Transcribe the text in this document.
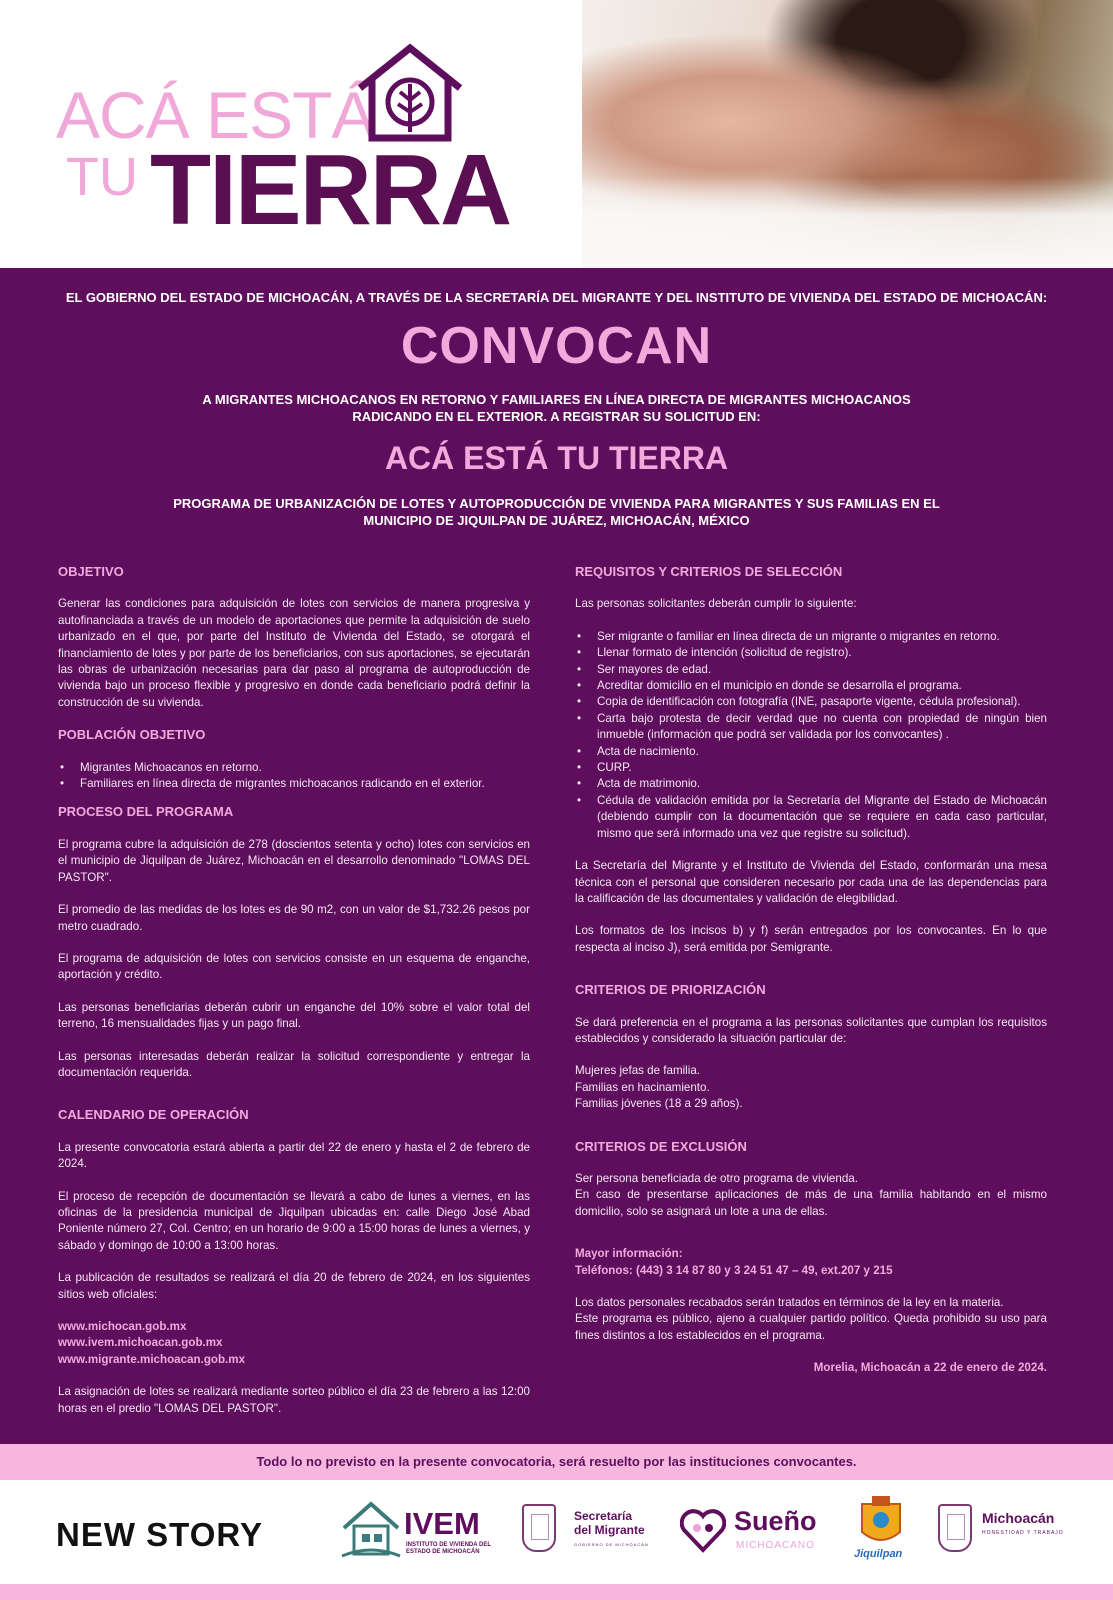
ACÁ ESTÁ
TU TIERRA
EL GOBIERNO DEL ESTADO DE MICHOACÁN, A TRAVÉS DE LA SECRETARÍA DEL MIGRANTE Y DEL INSTITUTO DE VIVIENDA DEL ESTADO DE MICHOACÁN:
CONVOCAN
A MIGRANTES MICHOACANOS EN RETORNO Y FAMILIARES EN LÍNEA DIRECTA DE MIGRANTES MICHOACANOS RADICANDO EN EL EXTERIOR. A REGISTRAR SU SOLICITUD EN:
ACÁ ESTÁ TU TIERRA
PROGRAMA DE URBANIZACIÓN DE LOTES Y AUTOPRODUCCIÓN DE VIVIENDA PARA MIGRANTES Y SUS FAMILIAS EN EL MUNICIPIO DE JIQUILPAN DE JUÁREZ, MICHOACÁN, MÉXICO
OBJETIVO
Generar las condiciones para adquisición de lotes con servicios de manera progresiva y autofinanciada a través de un modelo de aportaciones que permite la adquisición de suelo urbanizado en el que, por parte del Instituto de Vivienda del Estado, se otorgará el financiamiento de lotes y por parte de los beneficiarios, con sus aportaciones, se ejecutarán las obras de urbanización necesarias para dar paso al programa de autoproducción de vivienda bajo un proceso flexible y progresivo en donde cada beneficiario podrá definir la construcción de su vivienda.
POBLACIÓN OBJETIVO
• Migrantes Michoacanos en retorno.
• Familiares en línea directa de migrantes michoacanos radicando en el exterior.
PROCESO DEL PROGRAMA
El programa cubre la adquisición de 278 (doscientos setenta y ocho) lotes con servicios en el municipio de Jiquilpan de Juárez, Michoacán en el desarrollo denominado "LOMAS DEL PASTOR".
El promedio de las medidas de los lotes es de 90 m2, con un valor de $1,732.26 pesos por metro cuadrado.
El programa de adquisición de lotes con servicios consiste en un esquema de enganche, aportación y crédito.
Las personas beneficiarias deberán cubrir un enganche del 10% sobre el valor total del terreno, 16 mensualidades fijas y un pago final.
Las personas interesadas deberán realizar la solicitud correspondiente y entregar la documentación requerida.
CALENDARIO DE OPERACIÓN
La presente convocatoria estará abierta a partir del 22 de enero y hasta el 2 de febrero de 2024.
El proceso de recepción de documentación se llevará a cabo de lunes a viernes, en las oficinas de la presidencia municipal de Jiquilpan ubicadas en: calle Diego José Abad Poniente número 27, Col. Centro; en un horario de 9:00 a 15:00 horas de lunes a viernes, y sábado y domingo de 10:00 a 13:00 horas.
La publicación de resultados se realizará el día 20 de febrero de 2024, en los siguientes sitios web oficiales:
www.michocan.gob.mx
www.ivem.michoacan.gob.mx
www.migrante.michoacan.gob.mx
La asignación de lotes se realizará mediante sorteo público el día 23 de febrero a las 12:00 horas en el predio "LOMAS DEL PASTOR".
REQUISITOS Y CRITERIOS DE SELECCIÓN
Las personas solicitantes deberán cumplir lo siguiente:
• Ser migrante o familiar en línea directa de un migrante o migrantes en retorno.
• Llenar formato de intención (solicitud de registro).
• Ser mayores de edad.
• Acreditar domicilio en el municipio en donde se desarrolla el programa.
• Copia de identificación con fotografía (INE, pasaporte vigente, cédula profesional).
• Carta bajo protesta de decir verdad que no cuenta con propiedad de ningún bien inmueble (información que podrá ser validada por los convocantes) .
• Acta de nacimiento.
• CURP.
• Acta de matrimonio.
• Cédula de validación emitida por la Secretaría del Migrante del Estado de Michoacán (debiendo cumplir con la documentación que se requiere en cada caso particular, mismo que será informado una vez que registre su solicitud).
La Secretaría del Migrante y el Instituto de Vivienda del Estado, conformarán una mesa técnica con el personal que consideren necesario por cada una de las dependencias para la calificación de las documentales y validación de elegibilidad.
Los formatos de los incisos b) y f) serán entregados por los convocantes. En lo que respecta al inciso J), será emitida por Semigrante.
CRITERIOS DE PRIORIZACIÓN
Se dará preferencia en el programa a las personas solicitantes que cumplan los requisitos establecidos y considerado la situación particular de:
Mujeres jefas de familia.
Familias en hacinamiento.
Familias jóvenes (18 a 29 años).
CRITERIOS DE EXCLUSIÓN
Ser persona beneficiada de otro programa de vivienda.
En caso de presentarse aplicaciones de más de una familia habitando en el mismo domicilio, solo se asignará un lote a una de ellas.
Mayor información:
Teléfonos: (443) 3 14 87 80 y 3 24 51 47 – 49, ext.207 y 215
Los datos personales recabados serán tratados en términos de la ley en la materia.
Este programa es público, ajeno a cualquier partido político. Queda prohibido su uso para fines distintos a los establecidos en el programa.
Morelia, Michoacán a 22 de enero de 2024.
Todo lo no previsto en la presente convocatoria, será resuelto por las instituciones convocantes.
NEW STORY	IVEM
INSTITUTO DE VIVIENDA DEL ESTADO DE MICHOACÁN
Secretaría
del Migrante
GOBIERNO DE MICHOACÁN
Sueño
MICHOACANO
Jiquilpan
Michoacán
HONESTIDAD Y TRABAJO
